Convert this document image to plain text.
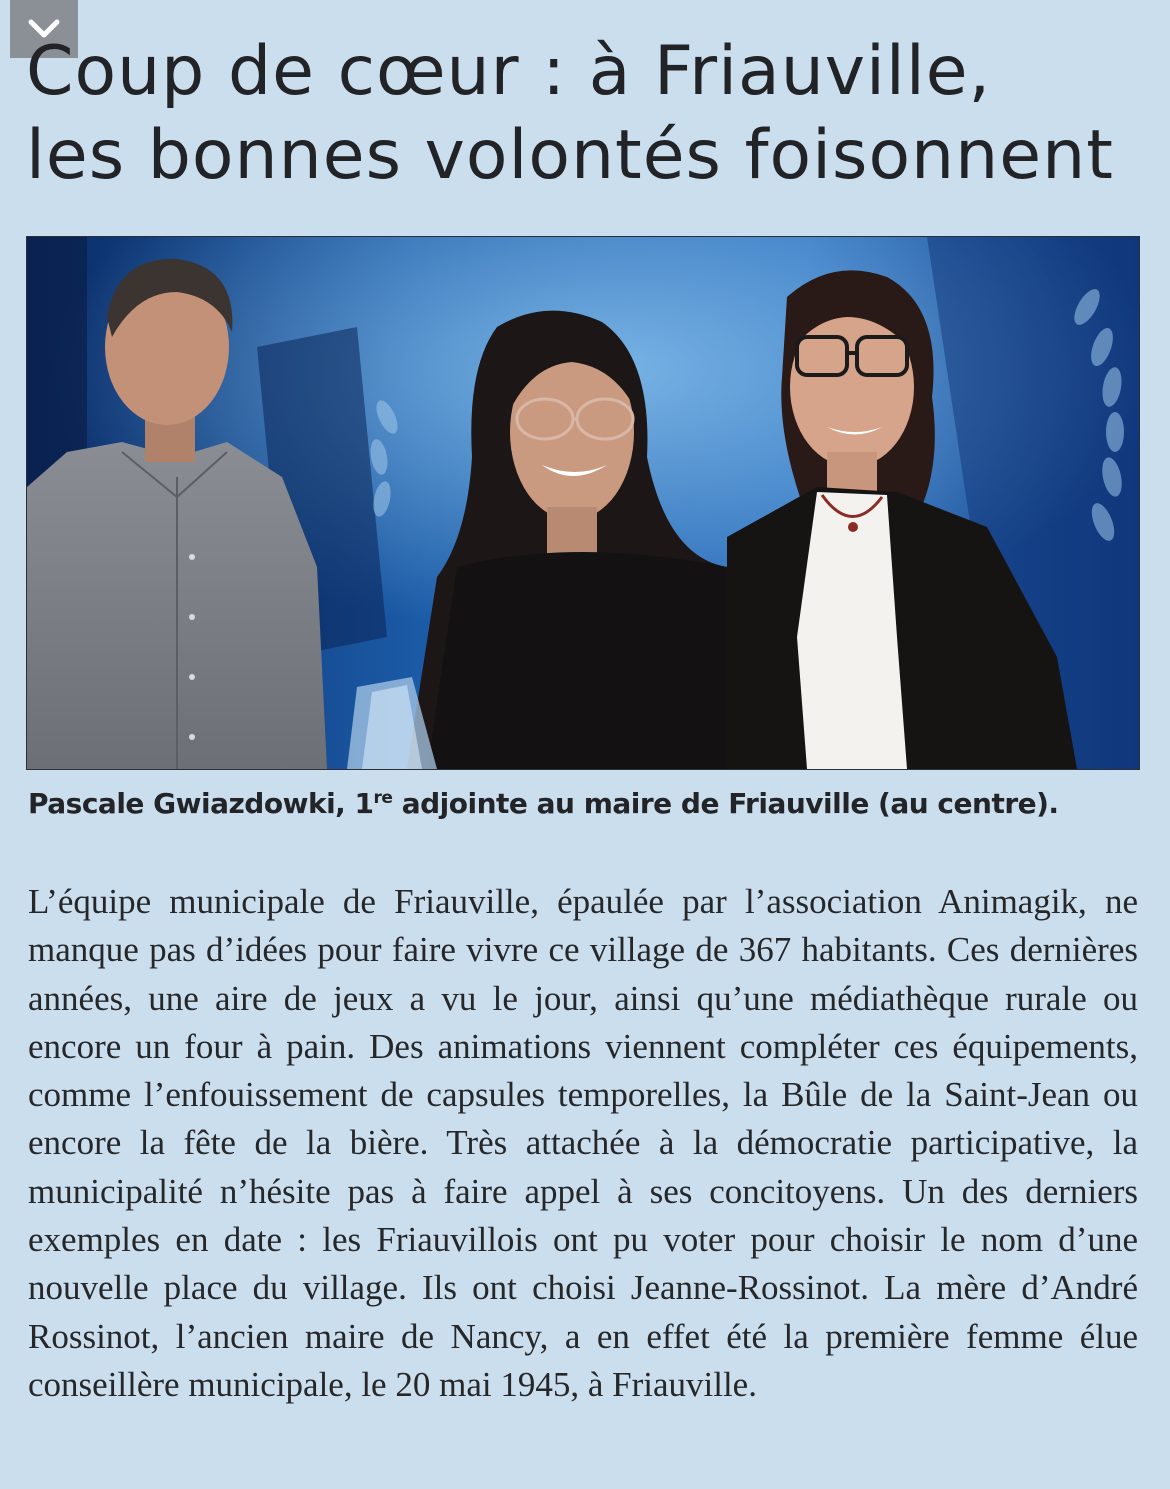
Coup de cœur : à Friauville,
les bonnes volontés foisonnent

Pascale Gwiazdowki, 1re adjointe au maire de Friauville (au centre).

L’équipe municipale de Friauville, épaulée par l’association Animagik, ne manque pas d’idées pour faire vivre ce village de 367 habitants. Ces dernières années, une aire de jeux a vu le jour, ainsi qu’une médiathèque rurale ou encore un four à pain. Des animations viennent compléter ces équipements, comme l’enfouissement de capsules temporelles, la Bûle de la Saint-Jean ou encore la fête de la bière. Très attachée à la démocratie participative, la municipalité n’hésite pas à faire appel à ses concitoyens. Un des derniers exemples en date : les Friauvillois ont pu voter pour choisir le nom d’une nouvelle place du village. Ils ont choisi Jeanne-Rossinot. La mère d’André Rossinot, l’ancien maire de Nancy, a en effet été la première femme élue conseillère municipale, le 20 mai 1945, à Friauville.
